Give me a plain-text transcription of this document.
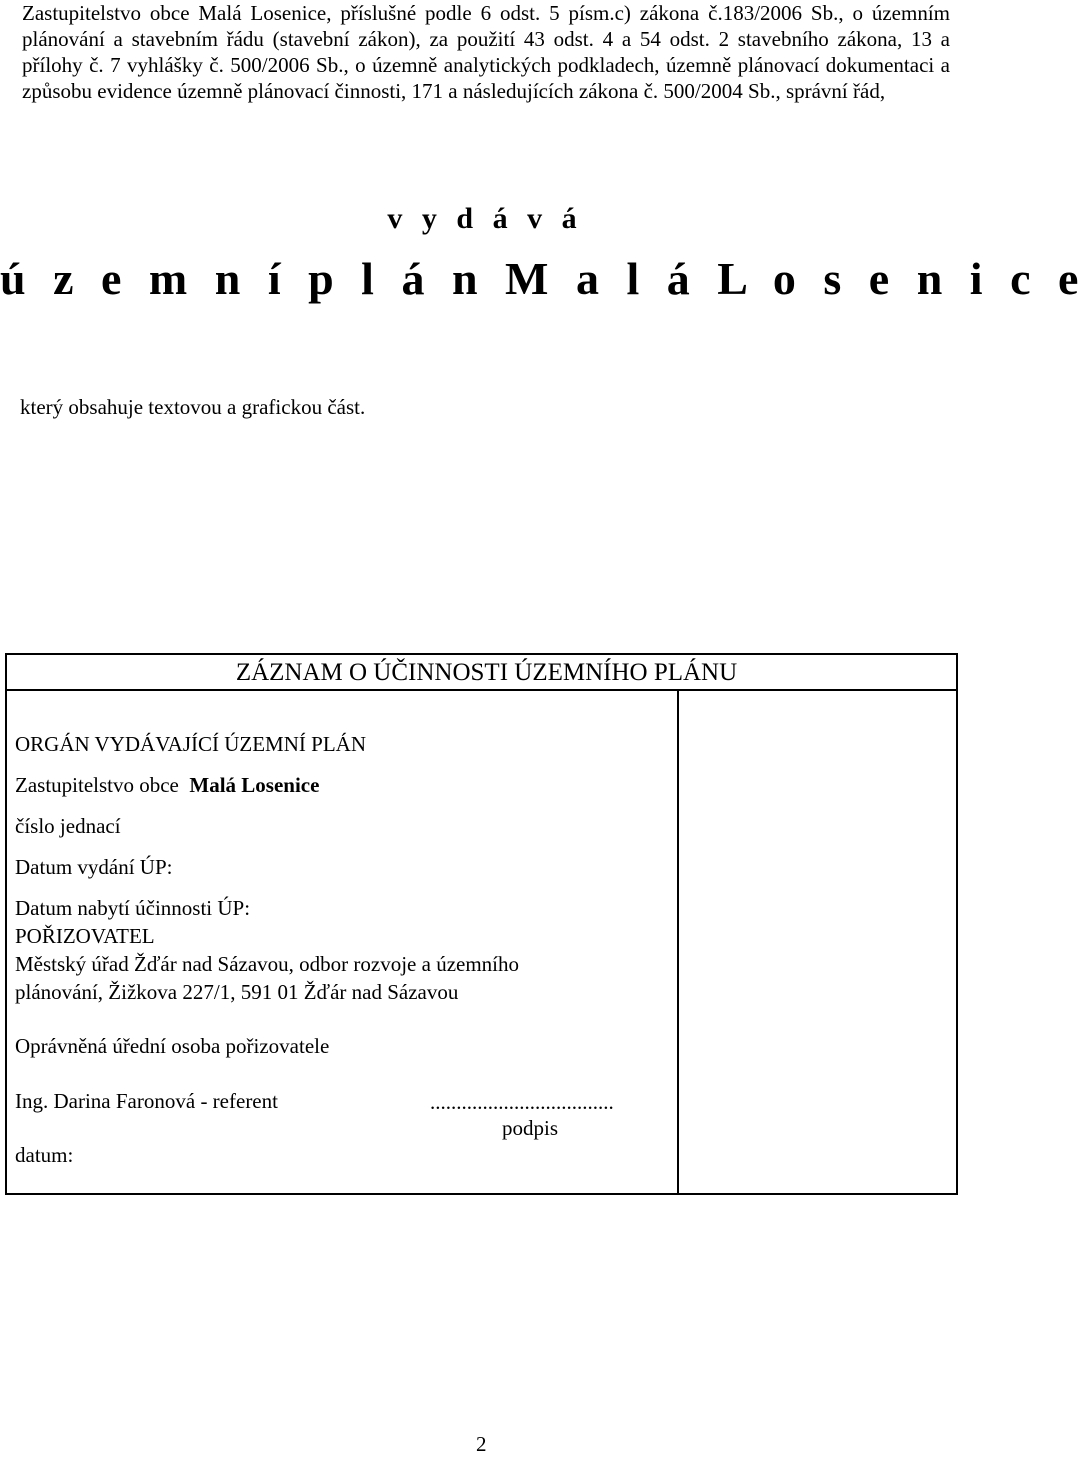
Zastupitelstvo obce Malá Losenice, příslušné podle 6 odst. 5 písm.c) zákona č.183/2006 Sb., o územním plánování a stavebním řádu (stavební zákon), za použití 43 odst. 4 a 54 odst. 2 stavebního zákona, 13 a přílohy č. 7 vyhlášky č. 500/2006 Sb., o územně analytických podkladech, územně plánovací dokumentaci a způsobu evidence územně plánovací činnosti, 171 a následujících zákona č. 500/2004 Sb., správní řád,

v y d á v á

ú z e m n í p l á n M a l á L o s e n i c e

který obsahuje textovou a grafickou část.

ZÁZNAM O ÚČINNOSTI ÚZEMNÍHO PLÁNU

ORGÁN VYDÁVAJÍCÍ ÚZEMNÍ PLÁN

Zastupitelstvo obce Malá Losenice

číslo jednací

Datum vydání ÚP:

Datum nabytí účinnosti ÚP:

POŘIZOVATEL

Městský úřad Žďár nad Sázavou, odbor rozvoje a územního

plánování, Žižkova 227/1, 591 01 Žďár nad Sázavou

Oprávněná úřední osoba pořizovatele

Ing. Darina Faronová - referent	...................................

podpis

datum:

2
